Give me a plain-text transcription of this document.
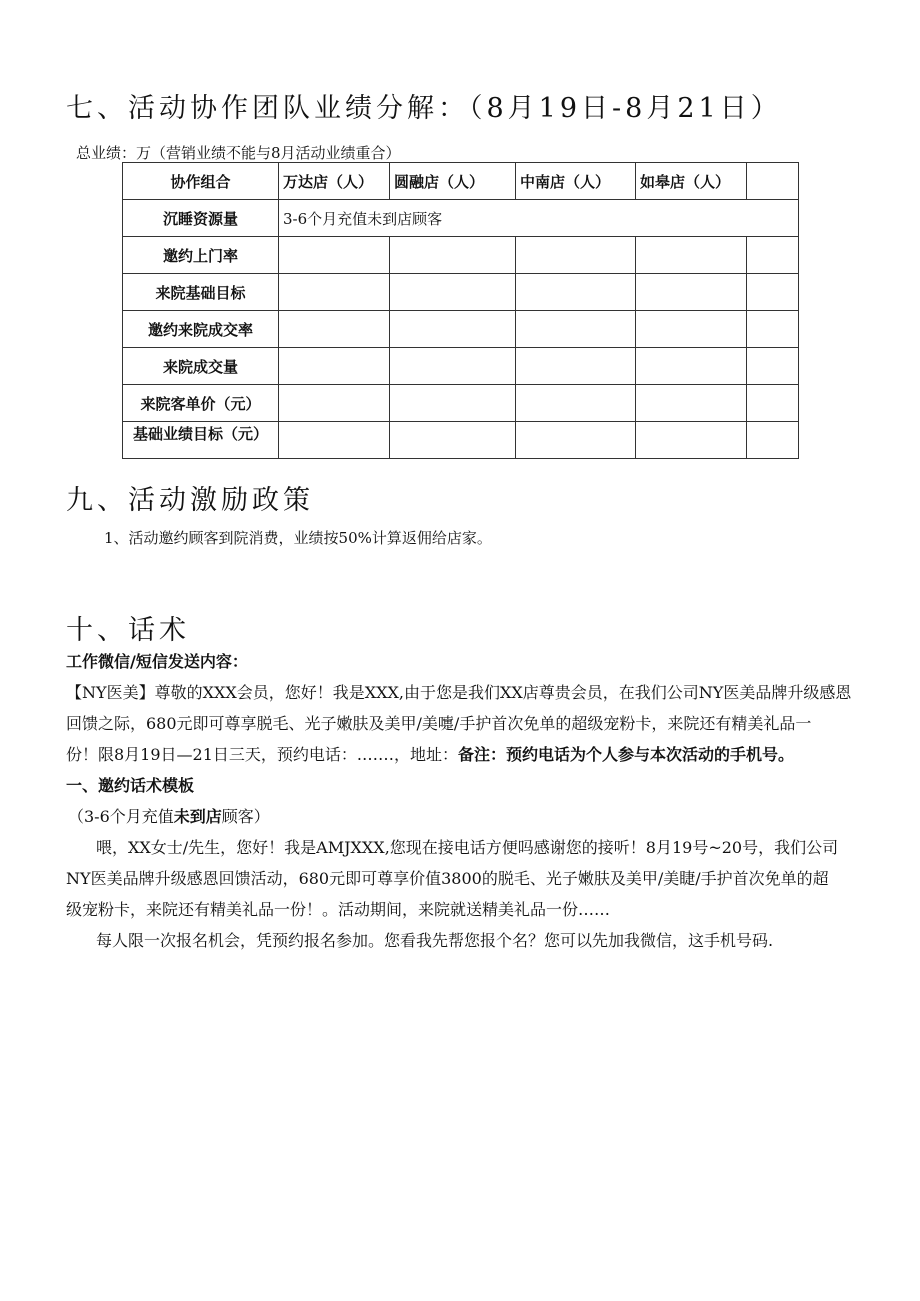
七、活动协作团队业绩分解：（8月19日-8月21日）
总业绩：万（营销业绩不能与8月活动业绩重合）
协作组合	万达店（人）	圆融店（人）	中南店（人）	如皋店（人）	
沉睡资源量	3-6个月充值未到店顾客				
邀约上门率					
来院基础目标					
邀约来院成交率					
来院成交量					
来院客单价（元）					
基础业绩目标（元）					
九、活动激励政策
1、活动邀约顾客到院消费，业绩按50%计算返佣给店家。
十、话术
工作微信/短信发送内容：
【NY医美】尊敬的XXX会员，您好！我是XXX,由于您是我们XX店尊贵会员，在我们公司NY医美品牌升级感恩
回馈之际，680元即可尊享脱毛、光子嫩肤及美甲/美嚏/手护首次免单的超级宠粉卡，来院还有精美礼品一
份！限8月19日—21日三天，预约电话：.……，地址：备注：预约电话为个人参与本次活动的手机号。
一、邀约话术模板
（3-6个月充值未到店顾客）
喂，XX女士/先生，您好！我是AMJXXX,您现在接电话方便吗感谢您的接听！8月19号~20号，我们公司
NY医美品牌升级感恩回馈活动，680元即可尊享价值3800的脱毛、光子嫩肤及美甲/美睫/手护首次免单的超
级宠粉卡，来院还有精美礼品一份！。活动期间，来院就送精美礼品一份……
每人限一次报名机会，凭预约报名参加。您看我先帮您报个名？您可以先加我微信，这手机号码.
